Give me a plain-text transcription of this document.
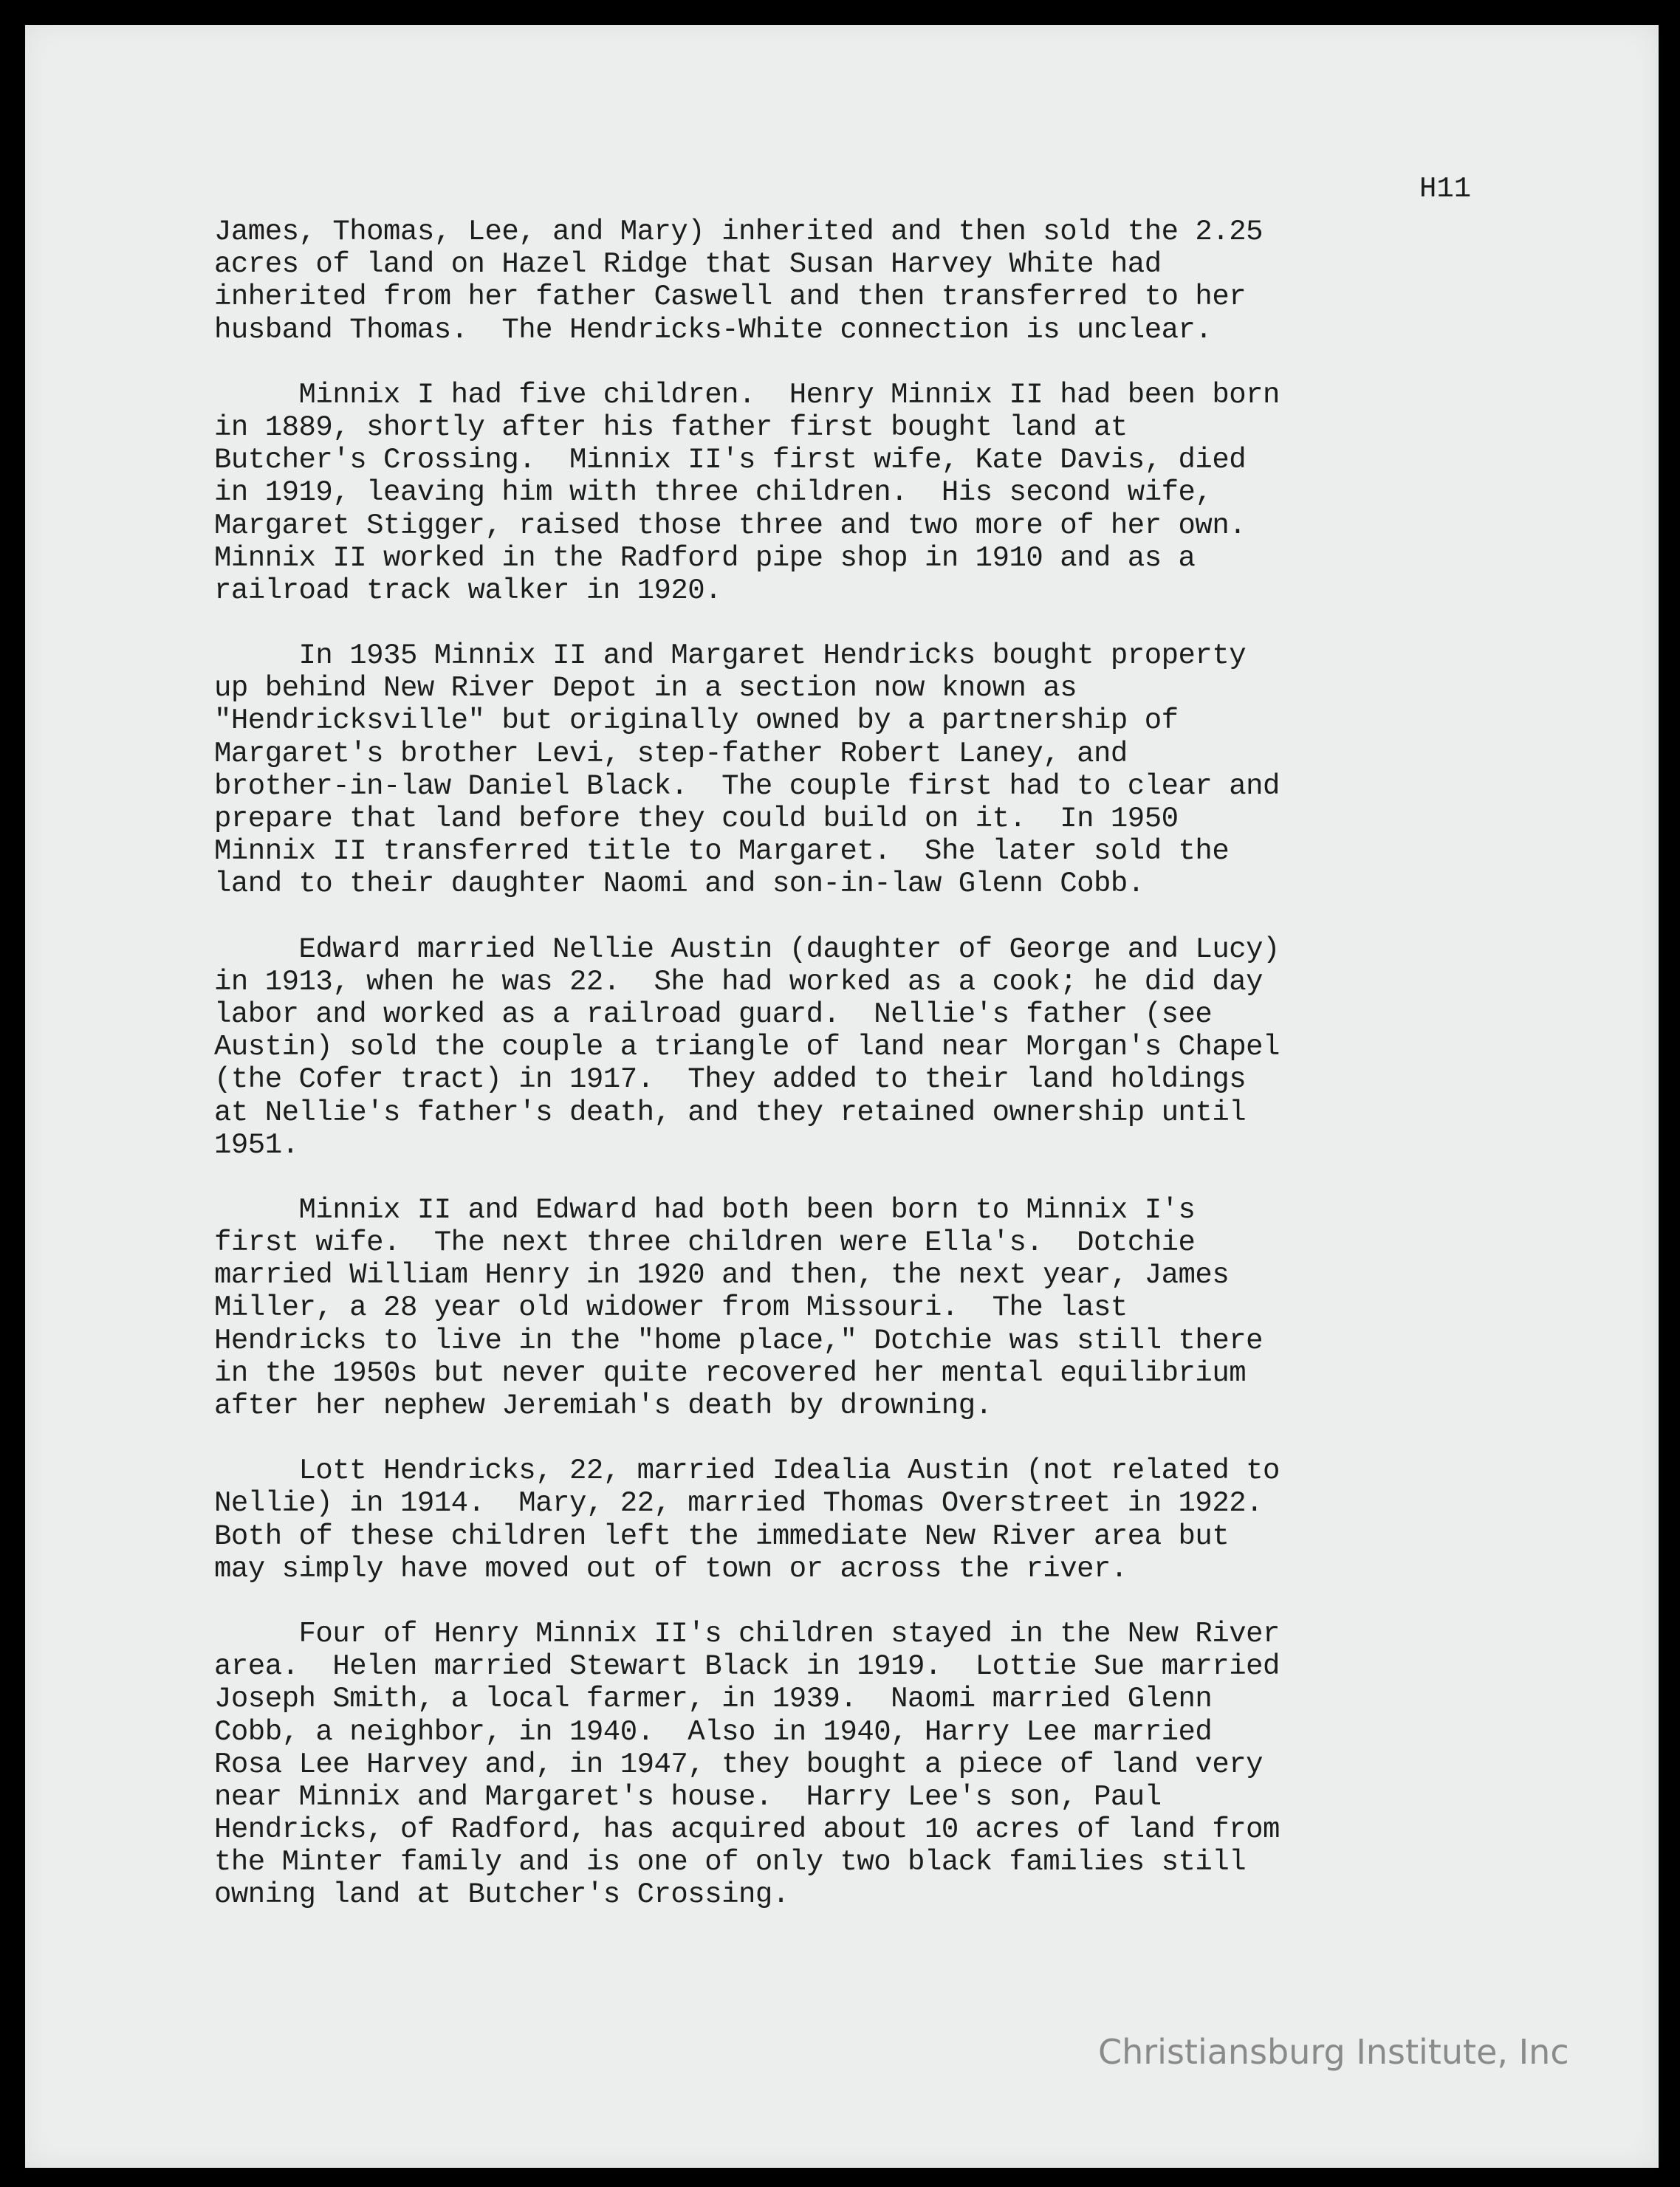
H11
James, Thomas, Lee, and Mary) inherited and then sold the 2.25
acres of land on Hazel Ridge that Susan Harvey White had
inherited from her father Caswell and then transferred to her
husband Thomas.  The Hendricks-White connection is unclear.
Minnix I had five children.  Henry Minnix II had been born
in 1889, shortly after his father first bought land at
Butcher's Crossing.  Minnix II's first wife, Kate Davis, died
in 1919, leaving him with three children.  His second wife,
Margaret Stigger, raised those three and two more of her own.
Minnix II worked in the Radford pipe shop in 1910 and as a
railroad track walker in 1920.
In 1935 Minnix II and Margaret Hendricks bought property
up behind New River Depot in a section now known as
"Hendricksville" but originally owned by a partnership of
Margaret's brother Levi, step-father Robert Laney, and
brother-in-law Daniel Black.  The couple first had to clear and
prepare that land before they could build on it.  In 1950
Minnix II transferred title to Margaret.  She later sold the
land to their daughter Naomi and son-in-law Glenn Cobb.
Edward married Nellie Austin (daughter of George and Lucy)
in 1913, when he was 22.  She had worked as a cook; he did day
labor and worked as a railroad guard.  Nellie's father (see
Austin) sold the couple a triangle of land near Morgan's Chapel
(the Cofer tract) in 1917.  They added to their land holdings
at Nellie's father's death, and they retained ownership until
1951.
Minnix II and Edward had both been born to Minnix I's
first wife.  The next three children were Ella's.  Dotchie
married William Henry in 1920 and then, the next year, James
Miller, a 28 year old widower from Missouri.  The last
Hendricks to live in the "home place," Dotchie was still there
in the 1950s but never quite recovered her mental equilibrium
after her nephew Jeremiah's death by drowning.
Lott Hendricks, 22, married Idealia Austin (not related to
Nellie) in 1914.  Mary, 22, married Thomas Overstreet in 1922.
Both of these children left the immediate New River area but
may simply have moved out of town or across the river.
Four of Henry Minnix II's children stayed in the New River
area.  Helen married Stewart Black in 1919.  Lottie Sue married
Joseph Smith, a local farmer, in 1939.  Naomi married Glenn
Cobb, a neighbor, in 1940.  Also in 1940, Harry Lee married
Rosa Lee Harvey and, in 1947, they bought a piece of land very
near Minnix and Margaret's house.  Harry Lee's son, Paul
Hendricks, of Radford, has acquired about 10 acres of land from
the Minter family and is one of only two black families still
owning land at Butcher's Crossing.
Christiansburg Institute, Inc
